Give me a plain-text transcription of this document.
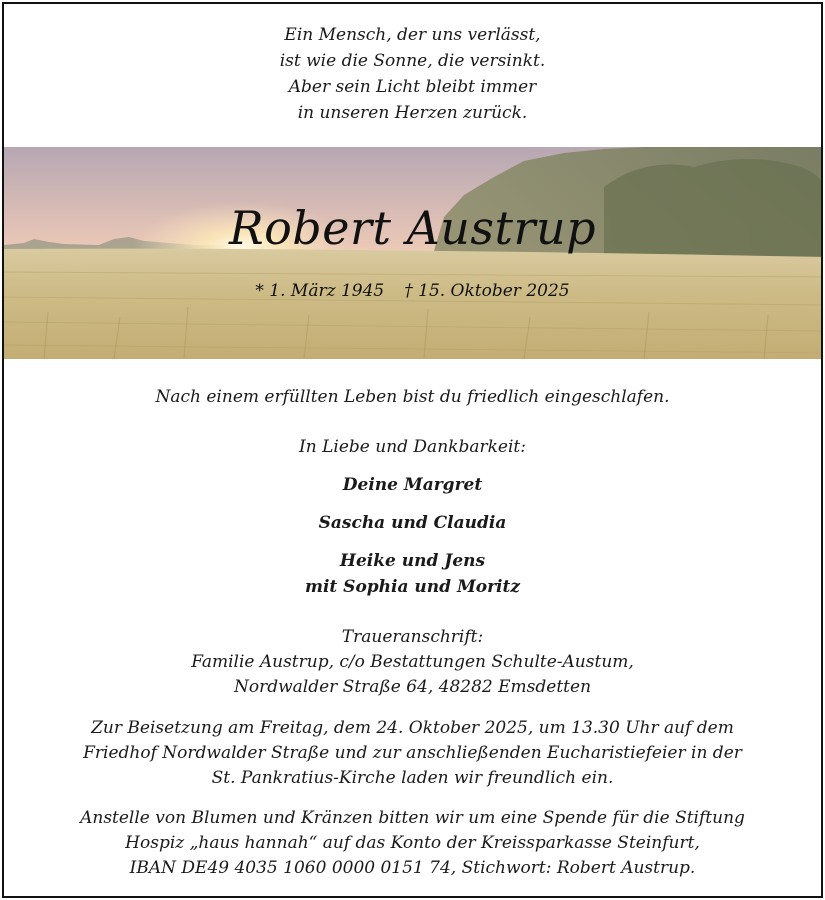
Ein Mensch, der uns verlässt,
ist wie die Sonne, die versinkt.
Aber sein Licht bleibt immer
in unseren Herzen zurück.
Robert Austrup
* 1. März 1945 † 15. Oktober 2025
Nach einem erfüllten Leben bist du friedlich eingeschlafen.
In Liebe und Dankbarkeit:
Deine Margret
Sascha und Claudia
Heike und Jens
mit Sophia und Moritz
Traueranschrift:
Familie Austrup, c/o Bestattungen Schulte-Austum,
Nordwalder Straße 64, 48282 Emsdetten
Zur Beisetzung am Freitag, dem 24. Oktober 2025, um 13.30 Uhr auf dem
Friedhof Nordwalder Straße und zur anschließenden Eucharistiefeier in der
St. Pankratius-Kirche laden wir freundlich ein.
Anstelle von Blumen und Kränzen bitten wir um eine Spende für die Stiftung
Hospiz „haus hannah“ auf das Konto der Kreissparkasse Steinfurt,
IBAN DE49 4035 1060 0000 0151 74, Stichwort: Robert Austrup.
